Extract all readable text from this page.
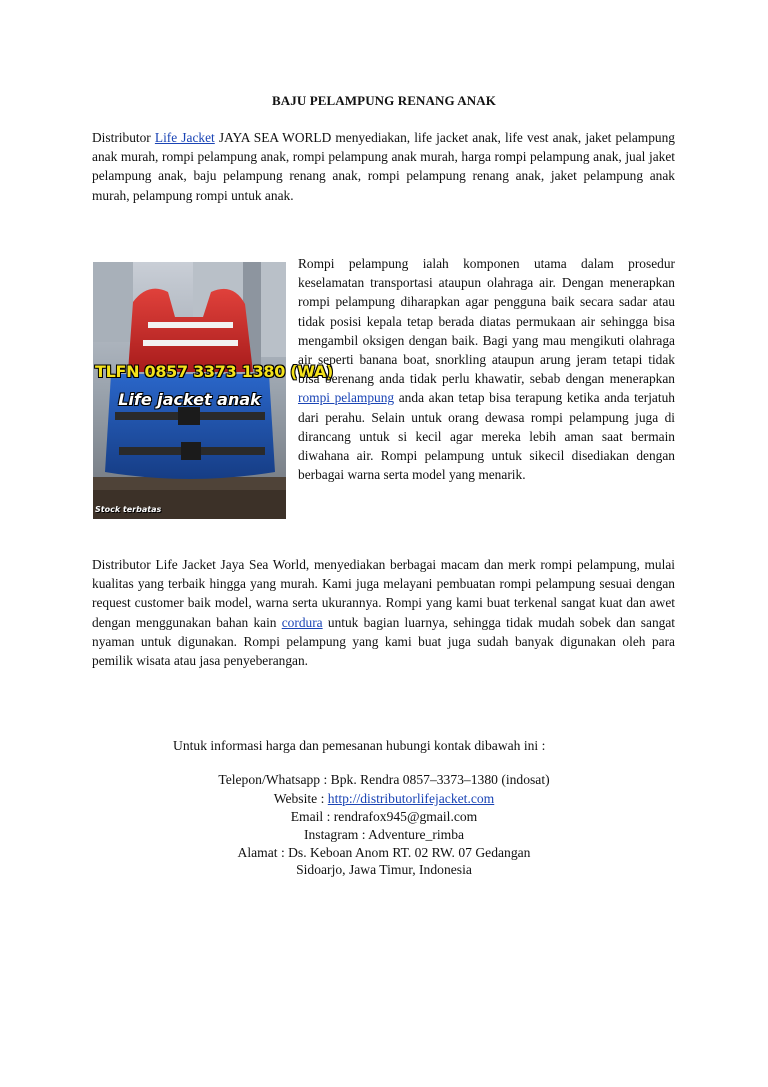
BAJU PELAMPUNG RENANG ANAK
Distributor Life Jacket JAYA SEA WORLD menyediakan, life jacket anak, life vest anak, jaket pelampung anak murah, rompi pelampung anak, rompi pelampung anak murah, harga rompi pelampung anak, jual jaket pelampung anak, baju pelampung renang anak, rompi pelampung renang anak, jaket pelampung anak murah, pelampung rompi untuk anak.
TLFN 0857 3373 1380 (WA)
Life jacket anak
Stock terbatas
Rompi pelampung ialah komponen utama dalam prosedur keselamatan transportasi ataupun olahraga air. Dengan menerapkan rompi pelampung diharapkan agar pengguna baik secara sadar atau tidak posisi kepala tetap berada diatas permukaan air sehingga bisa mengambil oksigen dengan baik. Bagi yang mau mengikuti olahraga air seperti banana boat, snorkling ataupun arung jeram tetapi tidak bisa berenang anda tidak perlu khawatir, sebab dengan menerapkan rompi pelampung anda akan tetap bisa terapung ketika anda terjatuh dari perahu. Selain untuk orang dewasa rompi pelampung juga di dirancang untuk si kecil agar mereka lebih aman saat bermain diwahana air. Rompi pelampung untuk sikecil disediakan dengan berbagai warna serta model yang menarik.
Distributor Life Jacket Jaya Sea World, menyediakan berbagai macam dan merk rompi pelampung, mulai kualitas yang terbaik hingga yang murah. Kami juga melayani pembuatan rompi pelampung sesuai dengan request customer baik model, warna serta ukurannya. Rompi yang kami buat terkenal sangat kuat dan awet dengan menggunakan bahan kain cordura untuk bagian luarnya, sehingga tidak mudah sobek dan sangat nyaman untuk digunakan. Rompi pelampung yang kami buat juga sudah banyak digunakan oleh para pemilik wisata atau jasa penyeberangan.
Untuk informasi harga dan pemesanan hubungi kontak dibawah ini :
Telepon/Whatsapp : Bpk. Rendra 0857–3373–1380 (indosat)
Website : http://distributorlifejacket.com
Email : rendrafox945@gmail.com
Instagram : Adventure_rimba
Alamat : Ds. Keboan Anom RT. 02 RW. 07 Gedangan
Sidoarjo, Jawa Timur, Indonesia
